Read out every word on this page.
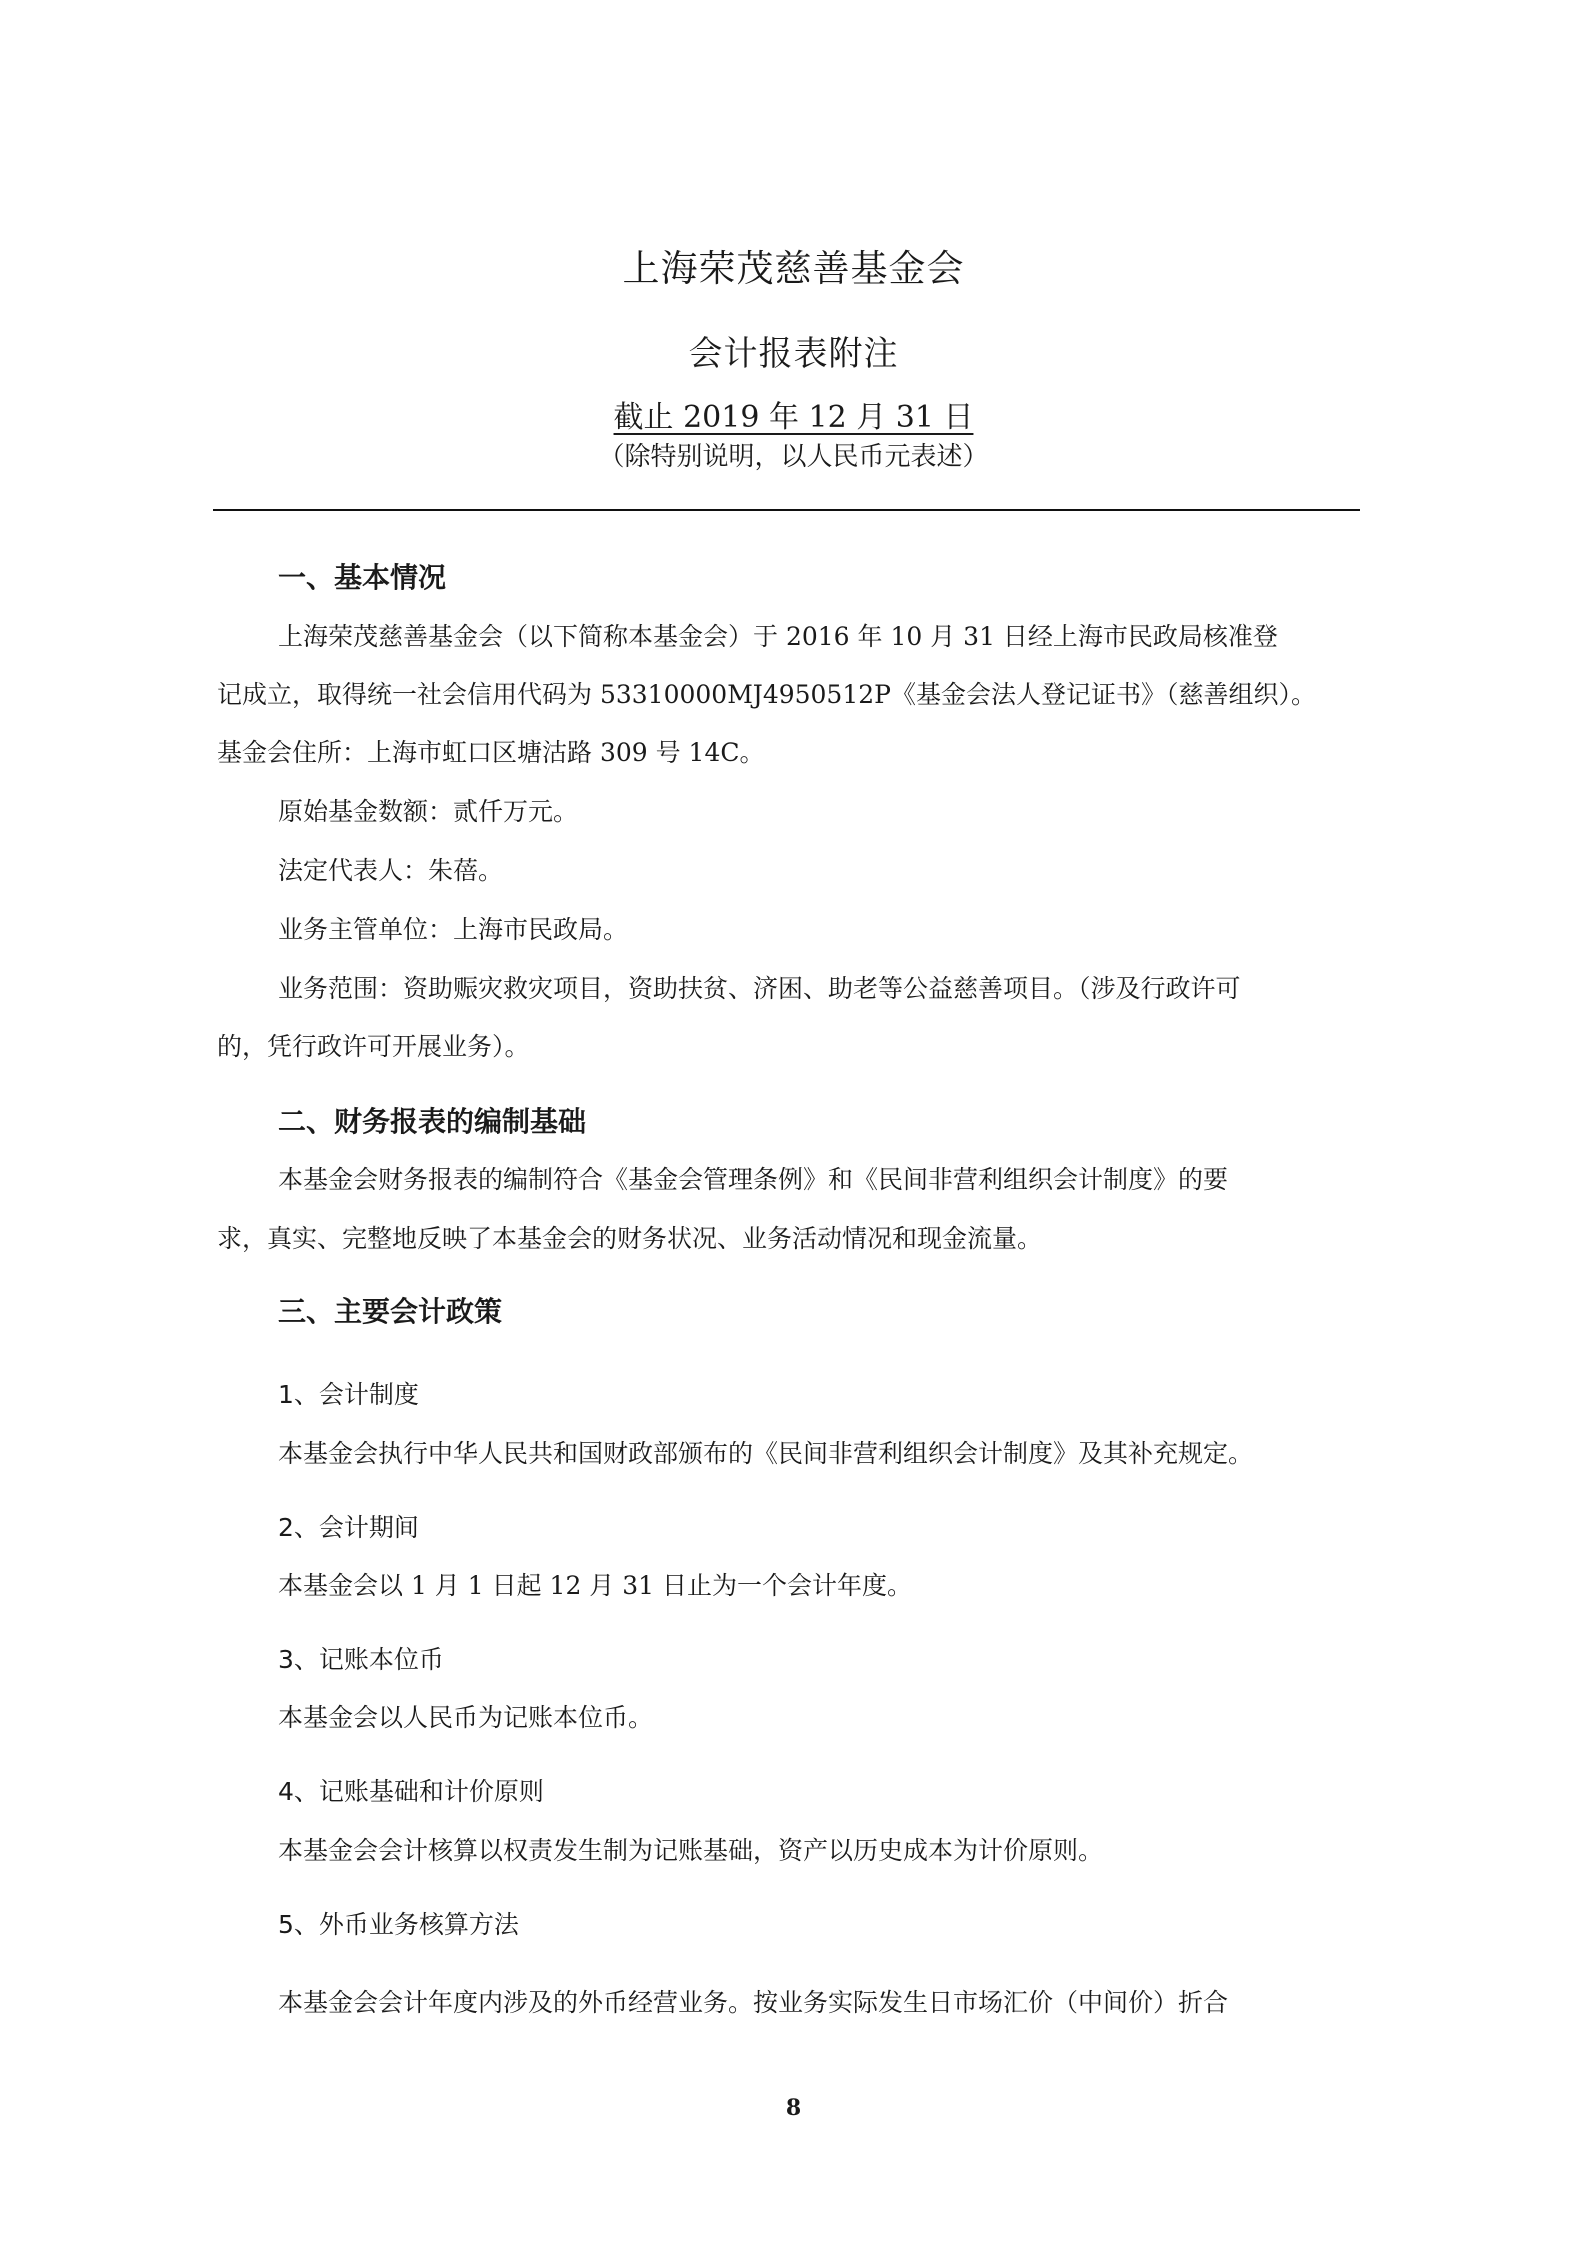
上海荣茂慈善基金会
会计报表附注
截止 2019 年 12 月 31 日
（除特别说明，以人民币元表述）
一、基本情况
上海荣茂慈善基金会（以下简称本基金会）于 2016 年 10 月 31 日经上海市民政局核准登
记成立，取得统一社会信用代码为 53310000MJ4950512P《基金会法人登记证书》（慈善组织）。
基金会住所：上海市虹口区塘沽路 309 号 14C。
原始基金数额：贰仟万元。
法定代表人：朱蓓。
业务主管单位：上海市民政局。
业务范围：资助赈灾救灾项目，资助扶贫、济困、助老等公益慈善项目。（涉及行政许可
的，凭行政许可开展业务）。
二、财务报表的编制基础
本基金会财务报表的编制符合《基金会管理条例》和《民间非营利组织会计制度》的要
求，真实、完整地反映了本基金会的财务状况、业务活动情况和现金流量。
三、主要会计政策
1、会计制度
本基金会执行中华人民共和国财政部颁布的《民间非营利组织会计制度》及其补充规定。
2、会计期间
本基金会以 1 月 1 日起 12 月 31 日止为一个会计年度。
3、记账本位币
本基金会以人民币为记账本位币。
4、记账基础和计价原则
本基金会会计核算以权责发生制为记账基础，资产以历史成本为计价原则。
5、外币业务核算方法
本基金会会计年度内涉及的外币经营业务。按业务实际发生日市场汇价（中间价）折合
8
